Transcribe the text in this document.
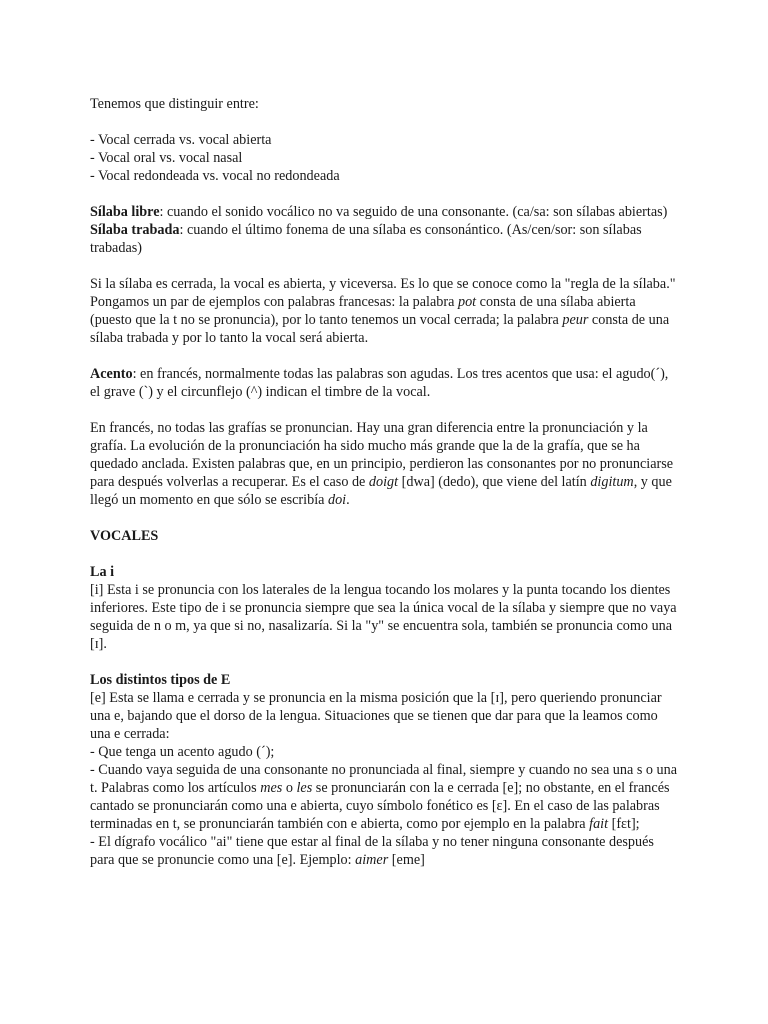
Tenemos que distinguir entre:

- Vocal cerrada vs. vocal abierta

- Vocal oral vs. vocal nasal

- Vocal redondeada vs. vocal no redondeada

Sílaba libre: cuando el sonido vocálico no va seguido de una consonante. (ca/sa: son sílabas abiertas)

Sílaba trabada: cuando el último fonema de una sílaba es consonántico. (As/cen/sor: son sílabas trabadas)

Si la sílaba es cerrada, la vocal es abierta, y viceversa. Es lo que se conoce como la "regla de la sílaba." Pongamos un par de ejemplos con palabras francesas: la palabra pot consta de una sílaba abierta (puesto que la t no se pronuncia), por lo tanto tenemos un vocal cerrada; la palabra peur consta de una sílaba trabada y por lo tanto la vocal será abierta.

Acento: en francés, normalmente todas las palabras son agudas. Los tres acentos que usa: el agudo(´), el grave (`) y el circunflejo (^) indican el timbre de la vocal.

En francés, no todas las grafías se pronuncian. Hay una gran diferencia entre la pronunciación y la grafía. La evolución de la pronunciación ha sido mucho más grande que la de la grafía, que se ha quedado anclada. Existen palabras que, en un principio, perdieron las consonantes por no pronunciarse para después volverlas a recuperar. Es el caso de doigt [dwa] (dedo), que viene del latín digitum, y que llegó un momento en que sólo se escribía doi.

VOCALES

La i

[i] Esta i se pronuncia con los laterales de la lengua tocando los molares y la punta tocando los dientes inferiores. Este tipo de i se pronuncia siempre que sea la única vocal de la sílaba y siempre que no vaya seguida de n o m, ya que si no, nasalizaría. Si la "y" se encuentra sola, también se pronuncia como una [ɪ].

Los distintos tipos de E

[e] Esta se llama e cerrada y se pronuncia en la misma posición que la [ɪ], pero queriendo pronunciar una e, bajando que el dorso de la lengua. Situaciones que se tienen que dar para que la leamos como una e cerrada:

- Que tenga un acento agudo (´);

- Cuando vaya seguida de una consonante no pronunciada al final, siempre y cuando no sea una s o una t. Palabras como los artículos mes o les se pronunciarán con la e cerrada [e]; no obstante, en el francés cantado se pronunciarán como una e abierta, cuyo símbolo fonético es [ɛ]. En el caso de las palabras terminadas en t, se pronunciarán también con e abierta, como por ejemplo en la palabra fait [fɛt];

- El dígrafo vocálico "ai" tiene que estar al final de la sílaba y no tener ninguna consonante después para que se pronuncie como una [e]. Ejemplo: aimer [eme]
